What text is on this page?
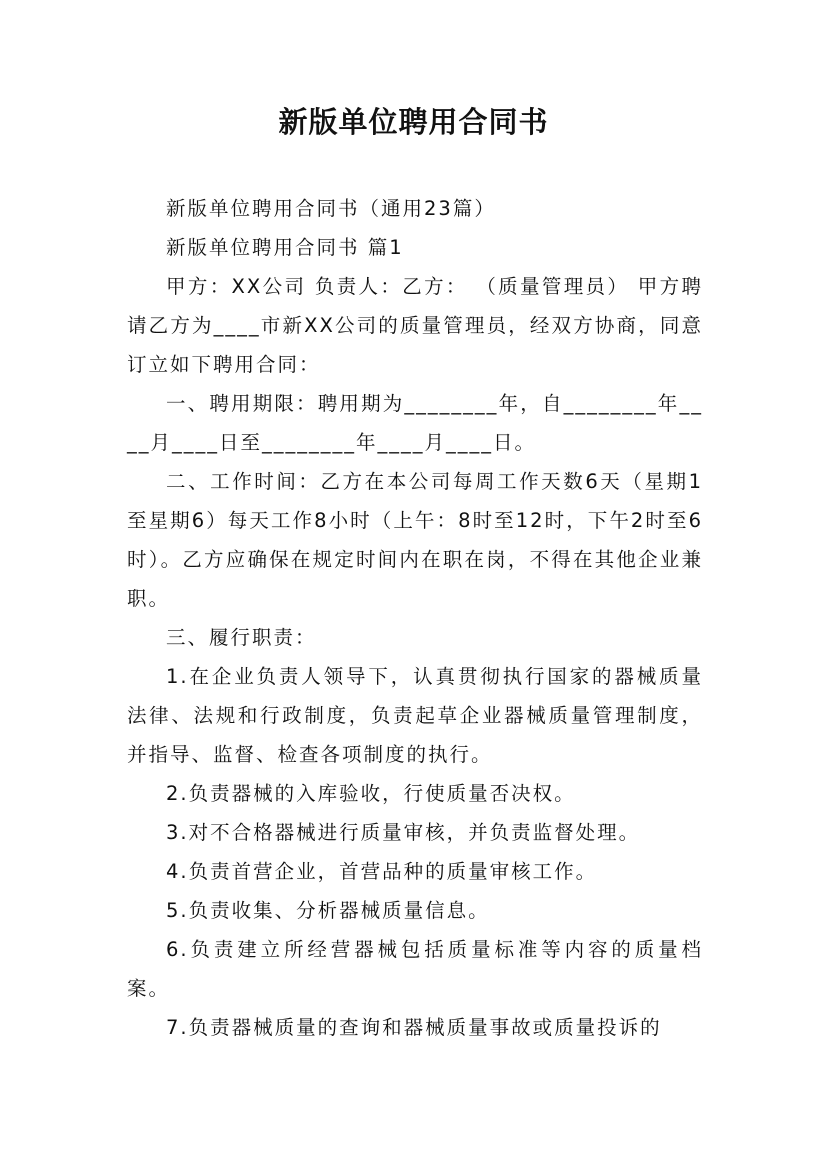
新版单位聘用合同书

新版单位聘用合同书（通用23篇）

新版单位聘用合同书 篇1

甲方：XX公司 负责人：乙方： （质量管理员） 甲方聘请乙方为____市新XX公司的质量管理员，经双方协商，同意订立如下聘用合同：

一、聘用期限：聘用期为________年，自________年____月____日至________年____月____日。

二、工作时间：乙方在本公司每周工作天数6天（星期1至星期6）每天工作8小时（上午：8时至12时，下午2时至6时）。乙方应确保在规定时间内在职在岗，不得在其他企业兼职。

三、履行职责：

1.在企业负责人领导下，认真贯彻执行国家的器械质量法律、法规和行政制度，负责起草企业器械质量管理制度，并指导、监督、检查各项制度的执行。

2.负责器械的入库验收，行使质量否决权。

3.对不合格器械进行质量审核，并负责监督处理。

4.负责首营企业，首营品种的质量审核工作。

5.负责收集、分析器械质量信息。

6.负责建立所经营器械包括质量标准等内容的质量档案。

7.负责器械质量的查询和器械质量事故或质量投诉的
